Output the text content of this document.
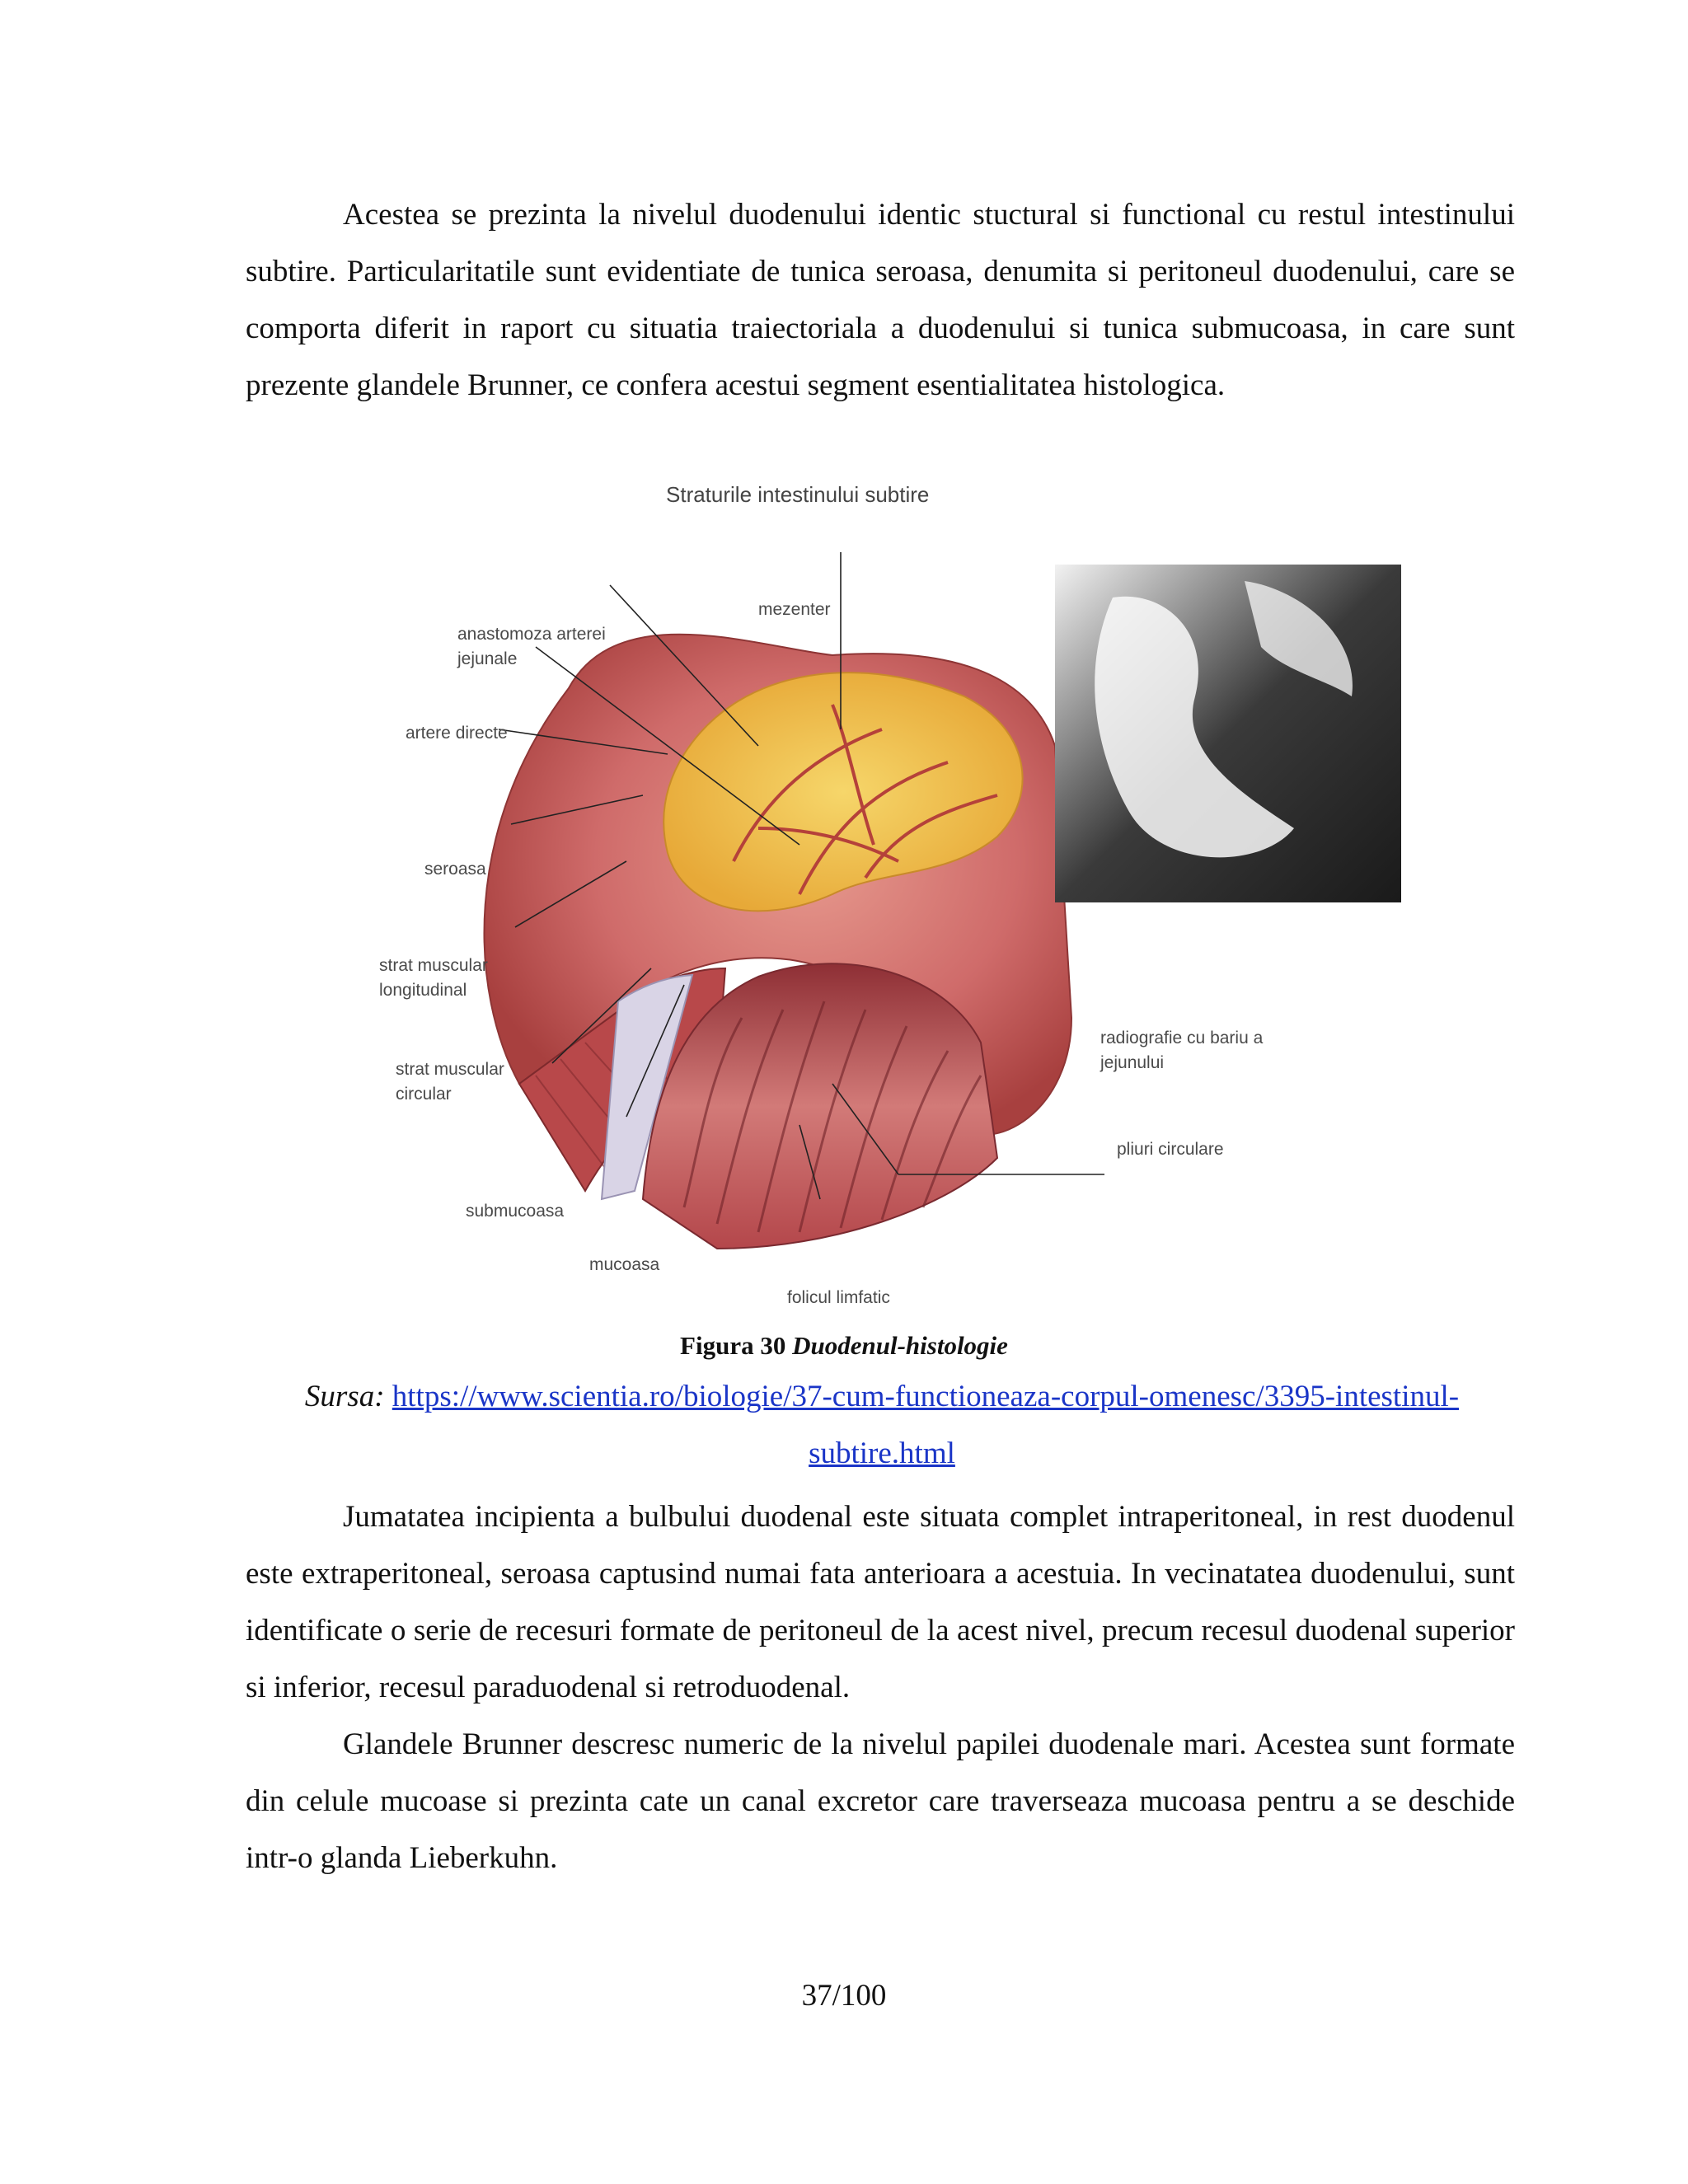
Acestea se prezinta la nivelul duodenului identic stuctural si functional cu restul intestinului subtire. Particularitatile sunt evidentiate de tunica seroasa, denumita si peritoneul duodenului, care se comporta diferit in raport cu situatia traiectoriala a duodenului si tunica submucoasa, in care sunt prezente glandele Brunner, ce confera acestui segment esentialitatea histologica.

Straturile intestinului subtire
mezenter
anastomoza arterei
jejunale
artere directe
seroasa
strat muscular
longitudinal
strat muscular
circular
submucoasa
mucoasa
folicul limfatic
pliuri circulare
radiografie cu bariu a
jejunului
Figura 30 Duodenul-histologie
Sursa: https://www.scientia.ro/biologie/37-cum-functioneaza-corpul-omenesc/3395-intestinul-subtire.html

Jumatatea incipienta a bulbului duodenal este situata complet intraperitoneal, in rest duodenul este extraperitoneal, seroasa captusind numai fata anterioara a acestuia. In vecinatatea duodenului, sunt identificate o serie de recesuri formate de peritoneul de la acest nivel, precum recesul duodenal superior si inferior, recesul paraduodenal si retroduodenal.

Glandele Brunner descresc numeric de la nivelul papilei duodenale mari. Acestea sunt formate din celule mucoase si prezinta cate un canal excretor care traverseaza mucoasa pentru a se deschide intr-o glanda Lieberkuhn.

37/100
